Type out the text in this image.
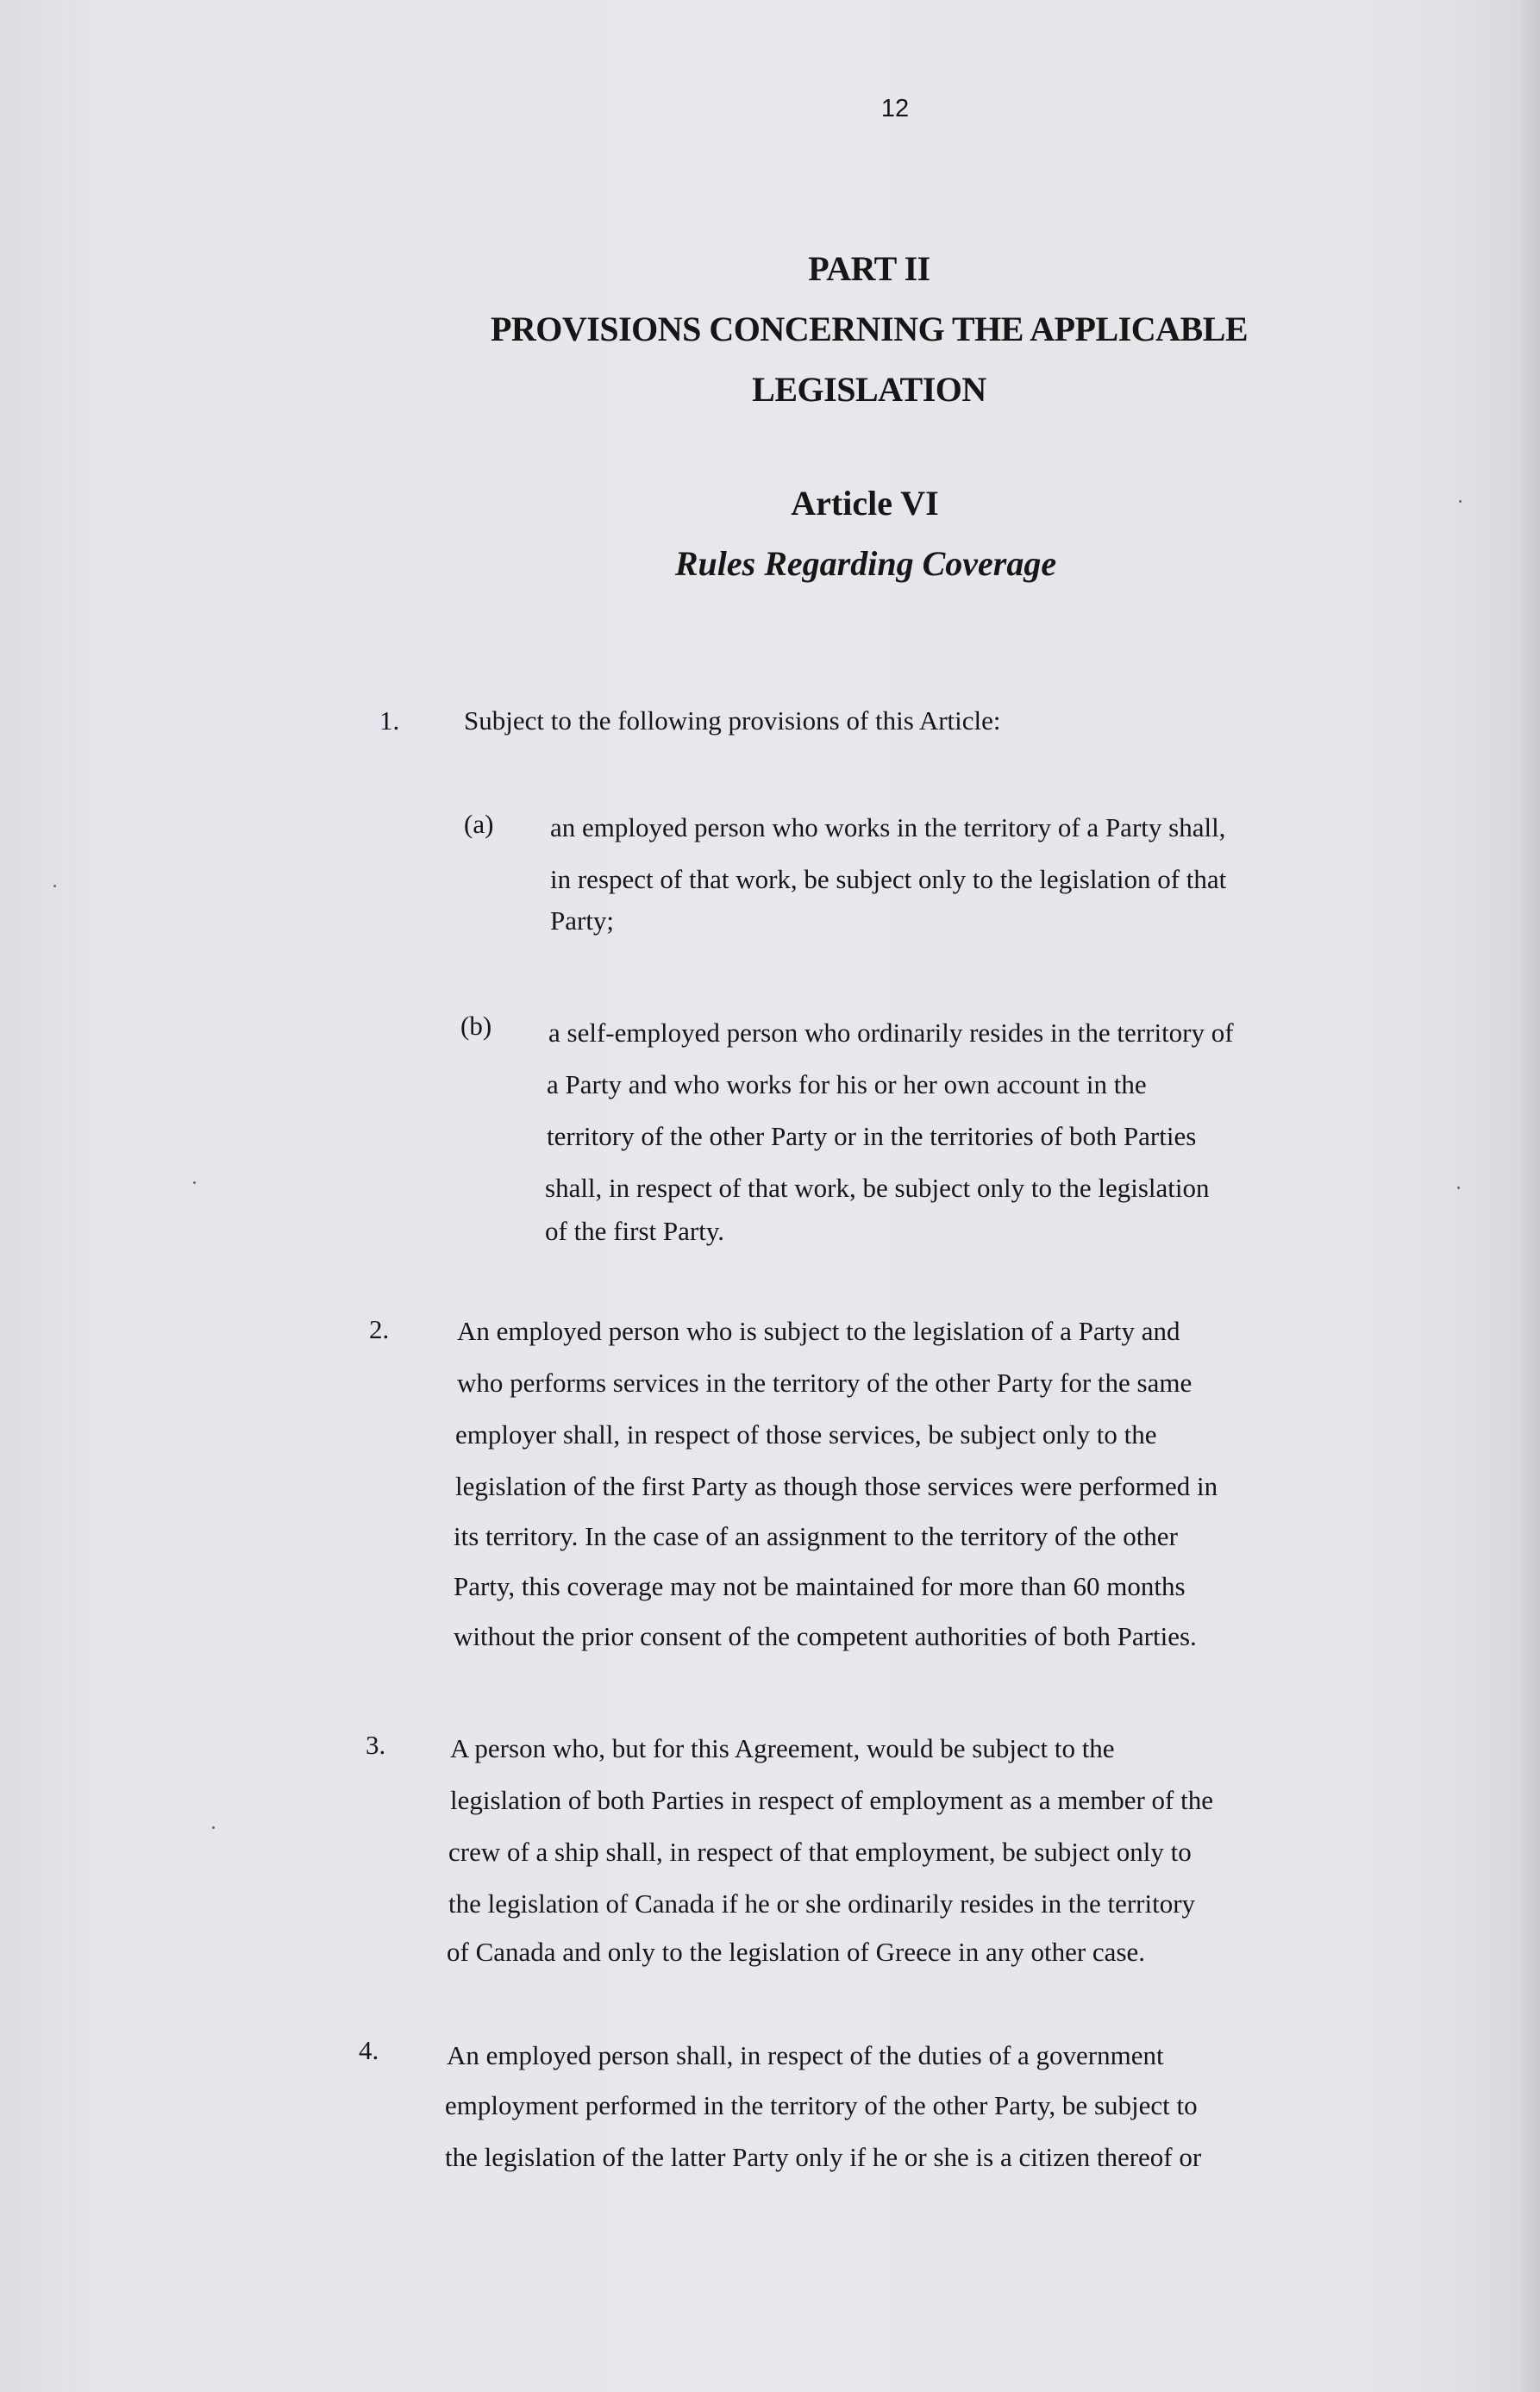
12
PART II
PROVISIONS CONCERNING THE APPLICABLE
LEGISLATION
Article VI
Rules Regarding Coverage
1. Subject to the following provisions of this Article:
(a) an employed person who works in the territory of a Party shall,
in respect of that work, be subject only to the legislation of that
Party;
(b) a self-employed person who ordinarily resides in the territory of
a Party and who works for his or her own account in the
territory of the other Party or in the territories of both Parties
shall, in respect of that work, be subject only to the legislation
of the first Party.
2.	An employed person who is subject to the legislation of a Party and
who performs services in the territory of the other Party for the same
employer shall, in respect of those services, be subject only to the
legislation of the first Party as though those services were performed in
its territory. In the case of an assignment to the territory of the other
Party, this coverage may not be maintained for more than 60 months
without the prior consent of the competent authorities of both Parties.
3. A person who, but for this Agreement, would be subject to the
legislation of both Parties in respect of employment as a member of the
crew of a ship shall, in respect of that employment, be subject only to
the legislation of Canada if he or she ordinarily resides in the territory
of Canada and only to the legislation of Greece in any other case.
4.	An employed person shall, in respect of the duties of a government
employment performed in the territory of the other Party, be subject to
the legislation of the latter Party only if he or she is a citizen thereof or
